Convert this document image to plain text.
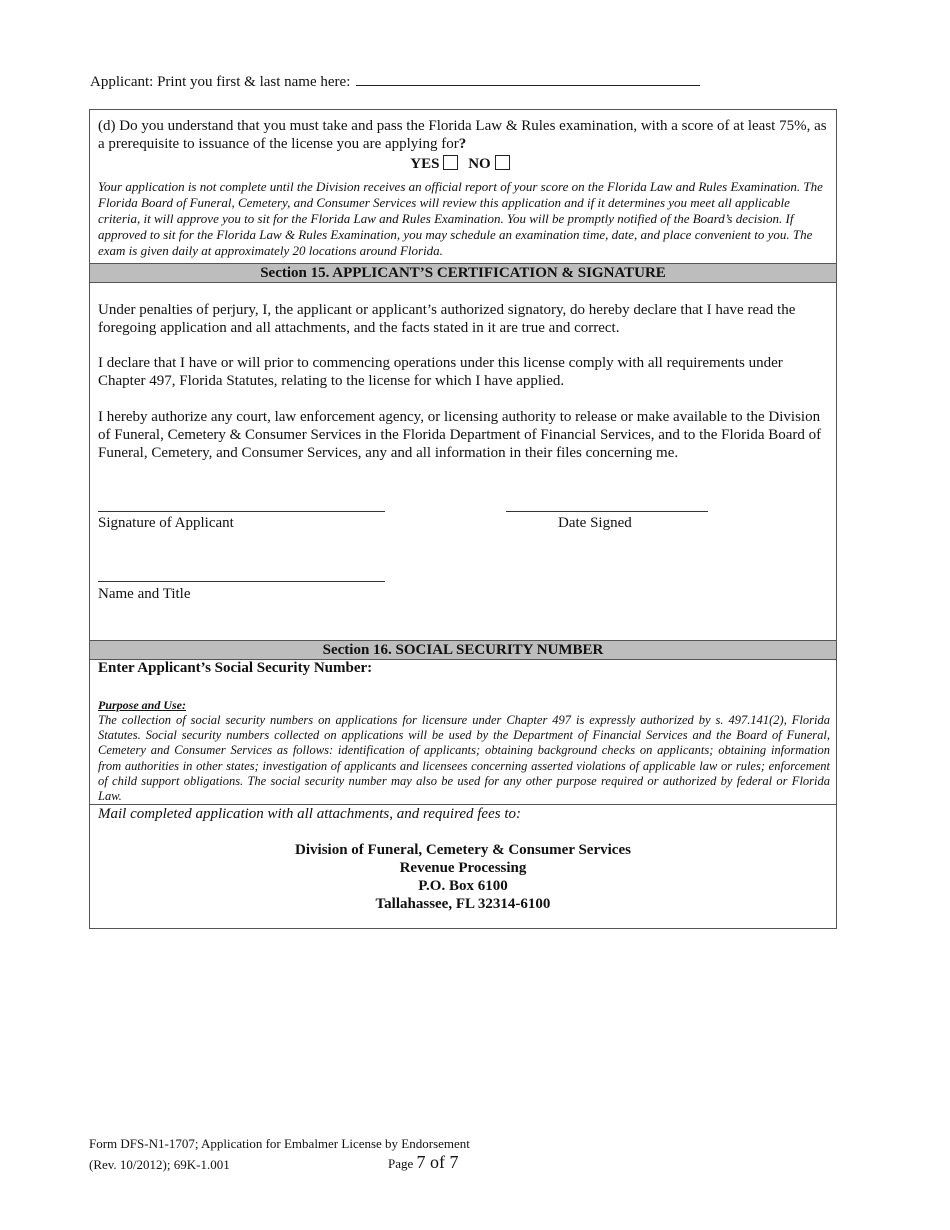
Applicant: Print you first & last name here:
(d) Do you understand that you must take and pass the Florida Law & Rules examination, with a score of at least 75%, as a prerequisite to issuance of the license you are applying for?
YES NO
Your application is not complete until the Division receives an official report of your score on the Florida Law and Rules Examination. The Florida Board of Funeral, Cemetery, and Consumer Services will review this application and if it determines you meet all applicable criteria, it will approve you to sit for the Florida Law and Rules Examination. You will be promptly notified of the Board’s decision. If approved to sit for the Florida Law & Rules Examination, you may schedule an examination time, date, and place convenient to you. The exam is given daily at approximately 20 locations around Florida.
Section 15. APPLICANT’S CERTIFICATION & SIGNATURE
Under penalties of perjury, I, the applicant or applicant’s authorized signatory, do hereby declare that I have read the foregoing application and all attachments, and the facts stated in it are true and correct.
I declare that I have or will prior to commencing operations under this license comply with all requirements under Chapter 497, Florida Statutes, relating to the license for which I have applied.
I hereby authorize any court, law enforcement agency, or licensing authority to release or make available to the Division of Funeral, Cemetery & Consumer Services in the Florida Department of Financial Services, and to the Florida Board of Funeral, Cemetery, and Consumer Services, any and all information in their files concerning me.
Signature of Applicant	Date Signed
Name and Title
Section 16. SOCIAL SECURITY NUMBER
Enter Applicant’s Social Security Number:
Purpose and Use:
The collection of social security numbers on applications for licensure under Chapter 497 is expressly authorized by s. 497.141(2), Florida Statutes. Social security numbers collected on applications will be used by the Department of Financial Services and the Board of Funeral, Cemetery and Consumer Services as follows: identification of applicants; obtaining background checks on applicants; obtaining information from authorities in other states; investigation of applicants and licensees concerning asserted violations of applicable law or rules; enforcement of child support obligations. The social security number may also be used for any other purpose required or authorized by federal or Florida Law.
Mail completed application with all attachments, and required fees to:
Division of Funeral, Cemetery & Consumer Services
Revenue Processing
P.O. Box 6100
Tallahassee, FL 32314-6100
Form DFS-N1-1707; Application for Embalmer License by Endorsement
(Rev. 10/2012); 69K-1.001	Page 7 of 7
